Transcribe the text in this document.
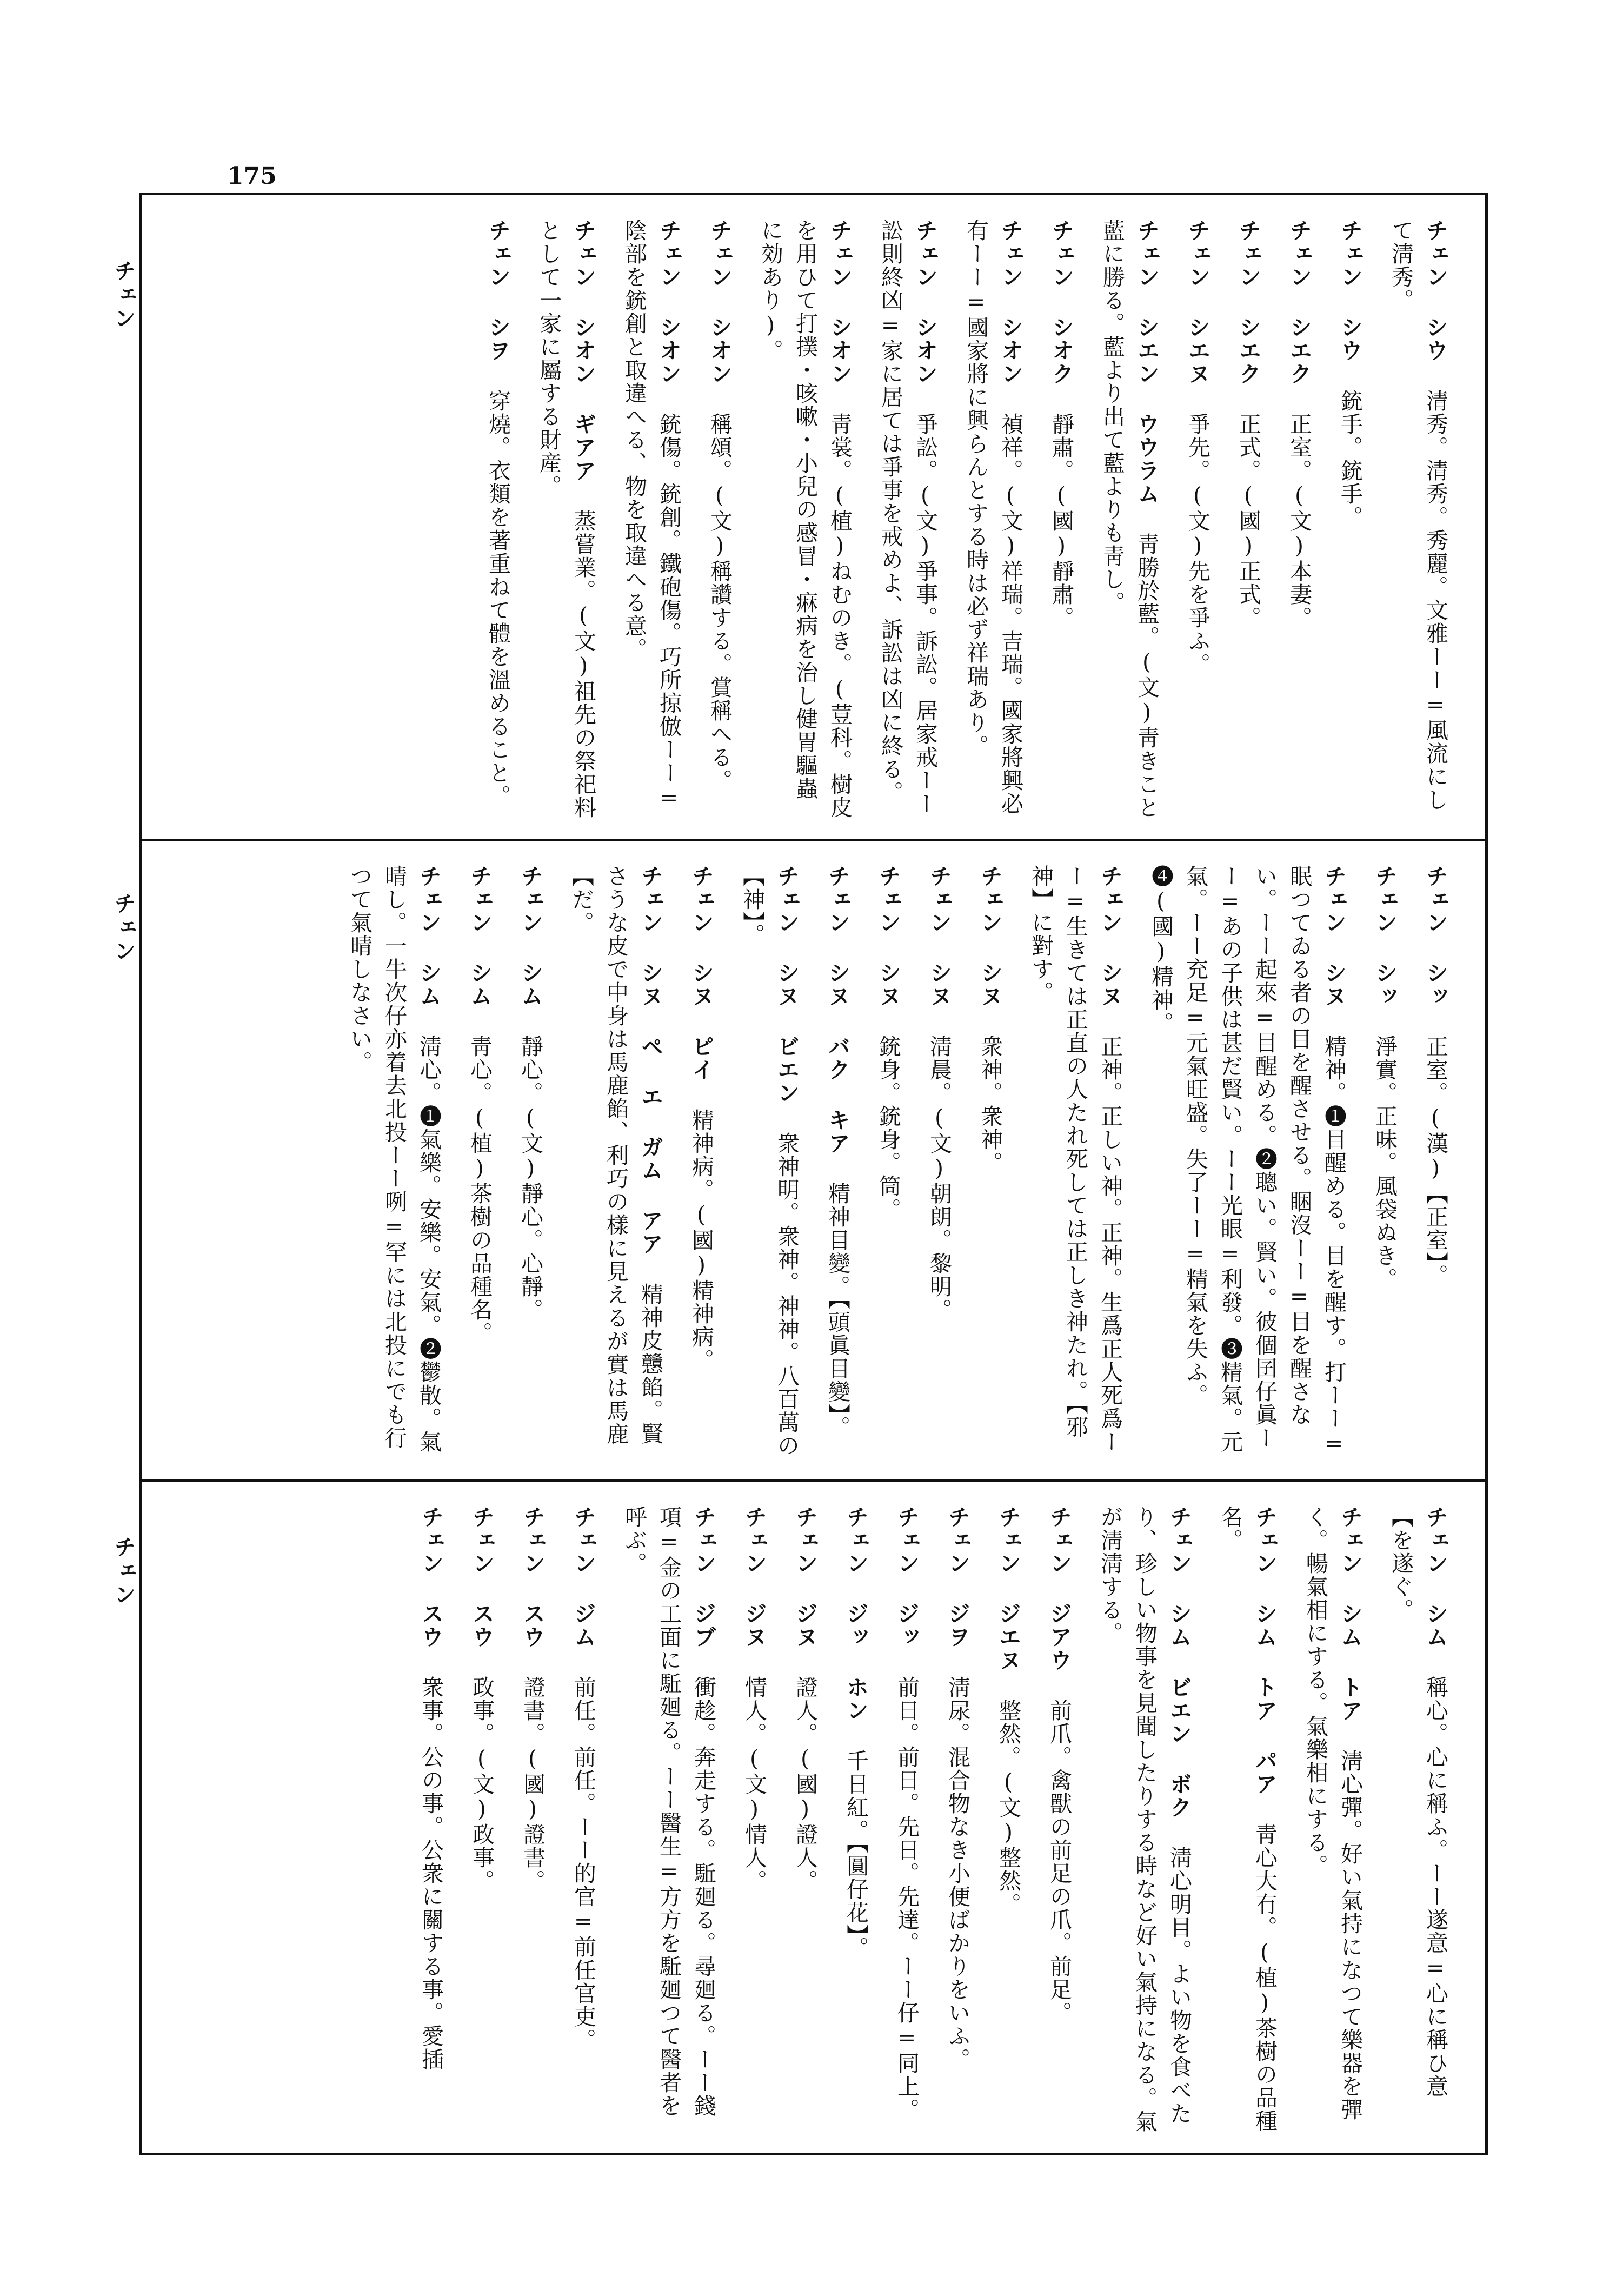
175
チェン
チェン
チェン
チェン シウ 清秀。清秀。秀麗。文雅ーー=風流にして淸秀。
チェン シウ 銃手。銃手。
チェン シエク 正室。(文)本妻。
チェン シエク 正式。(國)正式。
チェン シエヌ 爭先。(文)先を爭ふ。
チェン シエン ウウラム 靑勝於藍。(文)靑きこと藍に勝る。藍より出て藍よりも靑し。
チェン シオク 靜肅。(國)靜肅。
チェン シオン 禎祥。(文)祥瑞。吉瑞。國家將興必有ーー=國家將に興らんとする時は必ず祥瑞あり。
チェン シオン 爭訟。(文)爭事。訴訟。居家戒ーー訟則終凶=家に居ては爭事を戒めよ、訴訟は凶に終る。
チェン シオン 靑裳。(植)ねむのき。(荳科。樹皮を用ひて打撲・咳嗽・小兒の感冒・痳病を治し健胃驅蟲に効あり)。
チェン シオン 稱頌。(文)稱讚する。賞稱へる。
チェン シオン 銃傷。銃創。鐵砲傷。巧所掠倣ーー=陰部を銃創と取違へる、物を取違へる意。
チェン シオン ギアア 蒸嘗業。(文)祖先の祭祀料として一家に屬する財産。
チェン シヲ 穿燒。衣類を著重ねて體を溫めること。
チェン シッ 正室。(漢)【正室】。
チェン シッ 淨實。正味。風袋ぬき。
チェン シヌ 精神。❶目醒める。目を醒す。打ーー=眠つてゐる者の目を醒させる。睏沒ーー=目を醒さない。ーー起來=目醒める。❷聰い。賢い。彼個囝仔眞ーー=あの子供は甚だ賢い。ーー光眼=利發。❸精氣。元氣。ーー充足=元氣旺盛。失了ーー=精氣を失ふ。❹(國)精神。
チェン シヌ 正神。正しい神。正神。生爲正人死爲ーー=生きては正直の人たれ死しては正しき神たれ。【邪神】に對す。
チェン シヌ 衆神。衆神。
チェン シヌ 淸晨。(文)朝朗。黎明。
チェン シヌ 銃身。銃身。筒。
チェン シヌ バク キア 精神目變。【頭眞目變】。
チェン シヌ ビエン 衆神明。衆神。神神。八百萬の【神】。
チェン シヌ ピイ 精神病。(國)精神病。
チェン シヌ ペ エ ガム アア 精神皮戇餡。賢さうな皮で中身は馬鹿餡、利巧の樣に見えるが實は馬鹿【だ。
チェン シム 靜心。(文)靜心。心靜。
チェン シム 靑心。(植)茶樹の品種名。
チェン シム 淸心。❶氣樂。安樂。安氣。❷鬱散。氣晴し。一牛次仔亦着去北投ーー咧=罕には北投にでも行つて氣晴しなさい。
チェン シム 稱心。心に稱ふ。ーー遂意=心に稱ひ意【を遂ぐ。
チェン シム トア 淸心彈。好い氣持になつて樂器を彈く。暢氣相にする。氣樂相にする。
チェン シム トア パア 靑心大冇。(植)茶樹の品種名。
チェン シム ビエン ボク 淸心明目。よい物を食べたり、珍しい物事を見聞したりする時など好い氣持になる。氣が淸淸する。
チェン ジアウ 前爪。禽獸の前足の爪。前足。
チェン ジエヌ 整然。(文)整然。
チェン ジヲ 淸尿。混合物なき小便ばかりをいふ。
チェン ジッ 前日。前日。先日。先達。ーー仔=同上。
チェン ジッ ホン 千日紅。【圓仔花】。
チェン ジヌ 證人。(國)證人。
チェン ジヌ 情人。(文)情人。
チェン ジブ 衝趁。奔走する。駈廻る。尋廻る。ーー錢項=金の工面に駈廻る。ーー醫生=方方を駈廻つて醫者を呼ぶ。
チェン ジム 前任。前任。ーー的官=前任官吏。
チェン スウ 證書。(國)證書。
チェン スウ 政事。(文)政事。
チェン スウ 衆事。公の事。公衆に關する事。愛插
